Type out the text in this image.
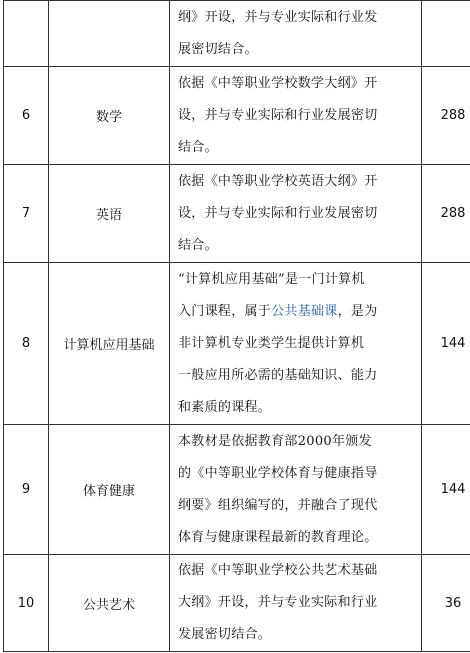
		纲》开设，并与专业实际和行业发
展密切结合。	

6	数学	依据《中等职业学校数学大纲》开
设，并与专业实际和行业发展密切
结合。	288
7	英语	依据《中等职业学校英语大纲》开
设，并与专业实际和行业发展密切
结合。	288
8	计算机应用基础	“计算机应用基础”是一门计算机
入门课程，属于公共基础课，是为
非计算机专业类学生提供计算机
一般应用所必需的基础知识、能力
和素质的课程。	144
9	体育健康	本教材是依据教育部2000年颁发
的《中等职业学校体育与健康指导
纲要》组织编写的，并融合了现代
体育与健康课程最新的教育理论。	144
10	公共艺术	依据《中等职业学校公共艺术基础
大纲》开设，并与专业实际和行业
发展密切结合。	36
